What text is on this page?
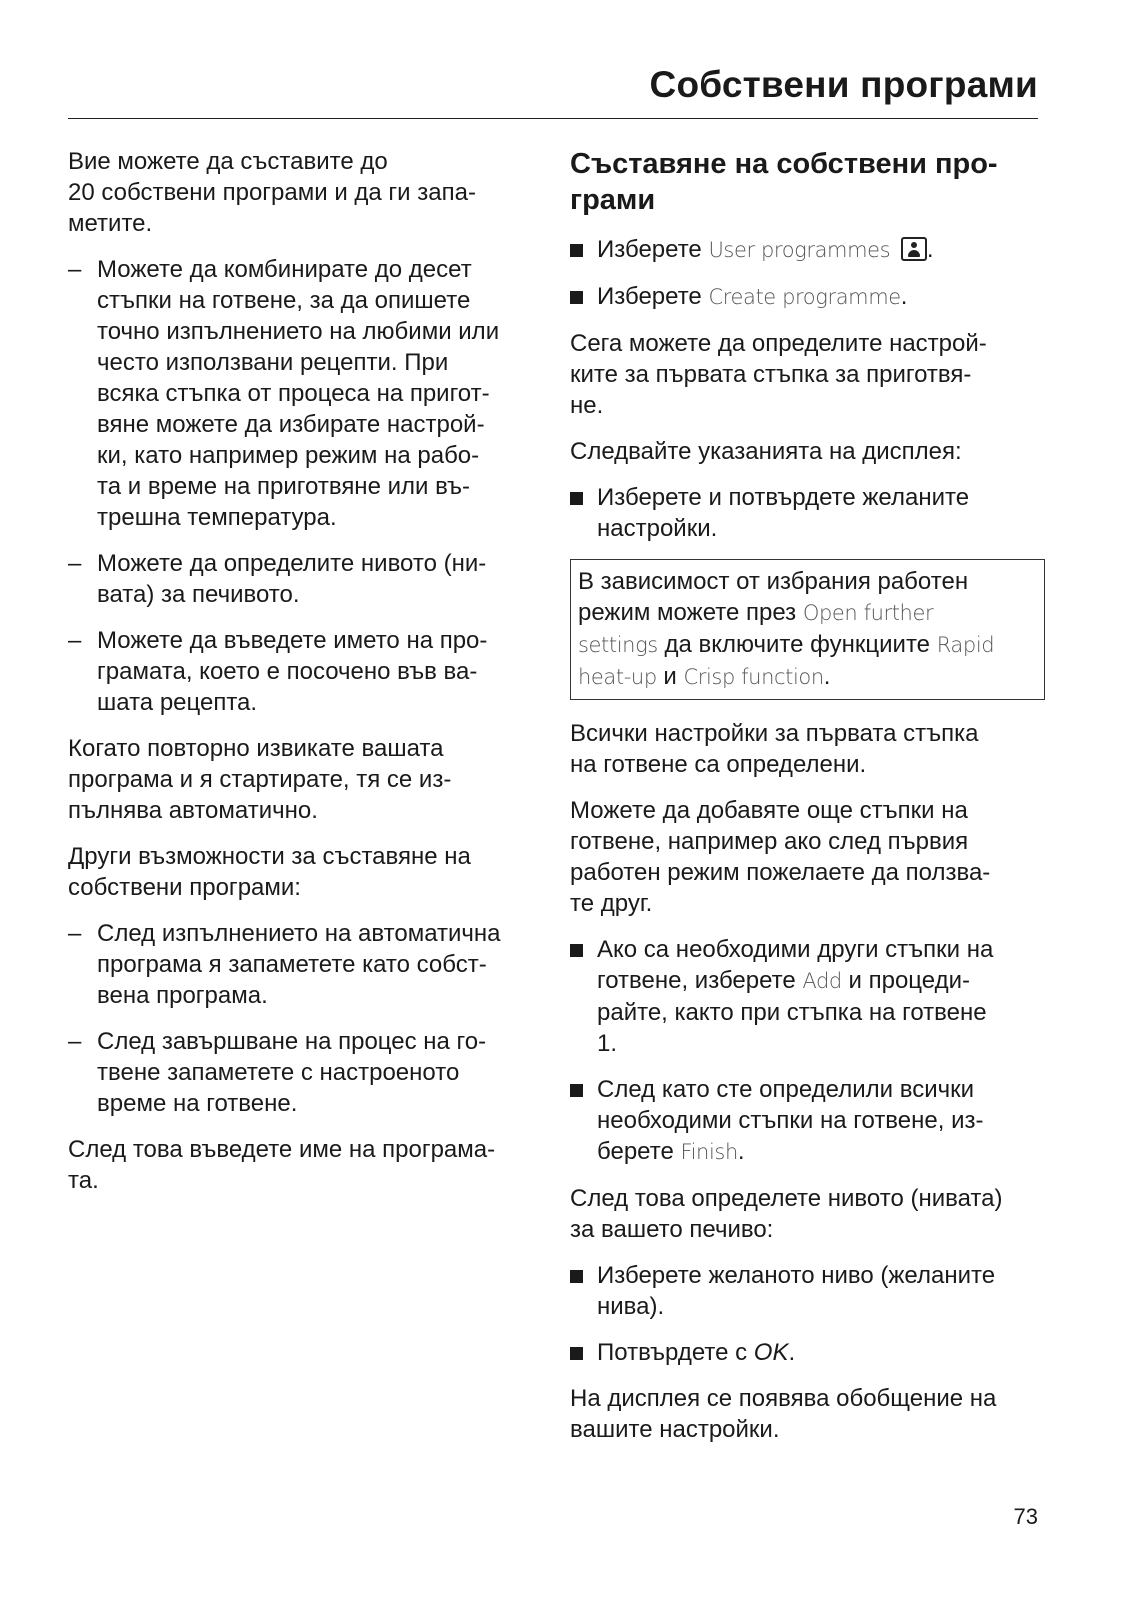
Собствени програми

Вие можете да съставите до
20 собствени програми и да ги запа-
метите.

– Можете да комбинирате до десет
стъпки на готвене, за да опишете
точно изпълнението на любими или
често използвани рецепти. При
всяка стъпка от процеса на пригот-
вяне можете да избирате настрой-
ки, като например режим на рабо-
та и време на приготвяне или въ-
трешна температура.
– Можете да определите нивото (ни-
вата) за печивото.
– Можете да въведете името на про-
грамата, което е посочено във ва-
шата рецепта.

Когато повторно извикате вашата
програма и я стартирате, тя се из-
пълнява автоматично.

Други възможности за съставяне на
собствени програми:

– След изпълнението на автоматична
програма я запаметете като собст-
вена програма.
– След завършване на процес на го-
твене запаметете с настроеното
време на готвене.

След това въведете име на програма-
та.

Съставяне на собствени про-
грами
Изберете User programmes .
Изберете Create programme.

Сега можете да определите настрой-
ките за първата стъпка за приготвя-
не.

Следвайте указанията на дисплея:

Изберете и потвърдете желаните
настройки.
В зависимост от избрания работен
режим можете през Open further
settings да включите функциите Rapid
heat-up и Crisp function.

Всички настройки за първата стъпка
на готвене са определени.

Можете да добавяте още стъпки на
готвене, например ако след първия
работен режим пожелаете да ползва-
те друг.

Ако са необходими други стъпки на
готвене, изберете Add и процеди-
райте, както при стъпка на готвене
1.
След като сте определили всички
необходими стъпки на готвене, из-
берете Finish.

След това определете нивото (нивата)
за вашето печиво:

Изберете желаното ниво (желаните
нива).
Потвърдете с OK.

На дисплея се появява обобщение на
вашите настройки.

73
